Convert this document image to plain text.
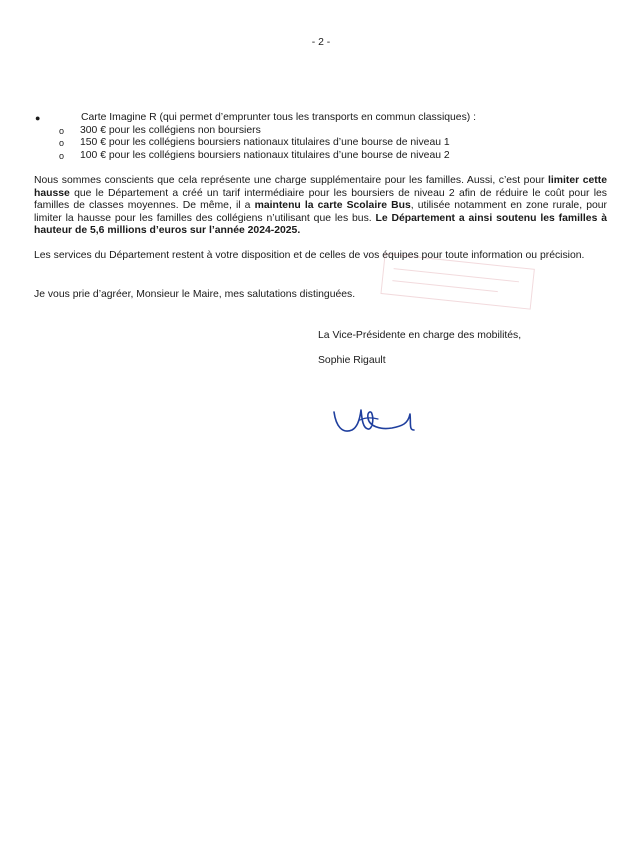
- 2 -
●	Carte Imagine R (qui permet d’emprunter tous les transports en commun classiques) :
o	300 € pour les collégiens non boursiers
o	150 € pour les collégiens boursiers nationaux titulaires d’une bourse de niveau 1
o	100 € pour les collégiens boursiers nationaux titulaires d’une bourse de niveau 2
Nous sommes conscients que cela représente une charge supplémentaire pour les familles. Aussi, c’est pour limiter cette hausse que le Département a créé un tarif intermédiaire pour les boursiers de niveau 2 afin de réduire le coût pour les familles de classes moyennes. De même, il a maintenu la carte Scolaire Bus, utilisée notamment en zone rurale, pour limiter la hausse pour les familles des collégiens n’utilisant que les bus. Le Département a ainsi soutenu les familles à hauteur de 5,6 millions d’euros sur l’année 2024-2025.
Les services du Département restent à votre disposition et de celles de vos équipes pour toute information ou précision.
Je vous prie d’agréer, Monsieur le Maire, mes salutations distinguées.
La Vice-Présidente en charge des mobilités,
Sophie Rigault
